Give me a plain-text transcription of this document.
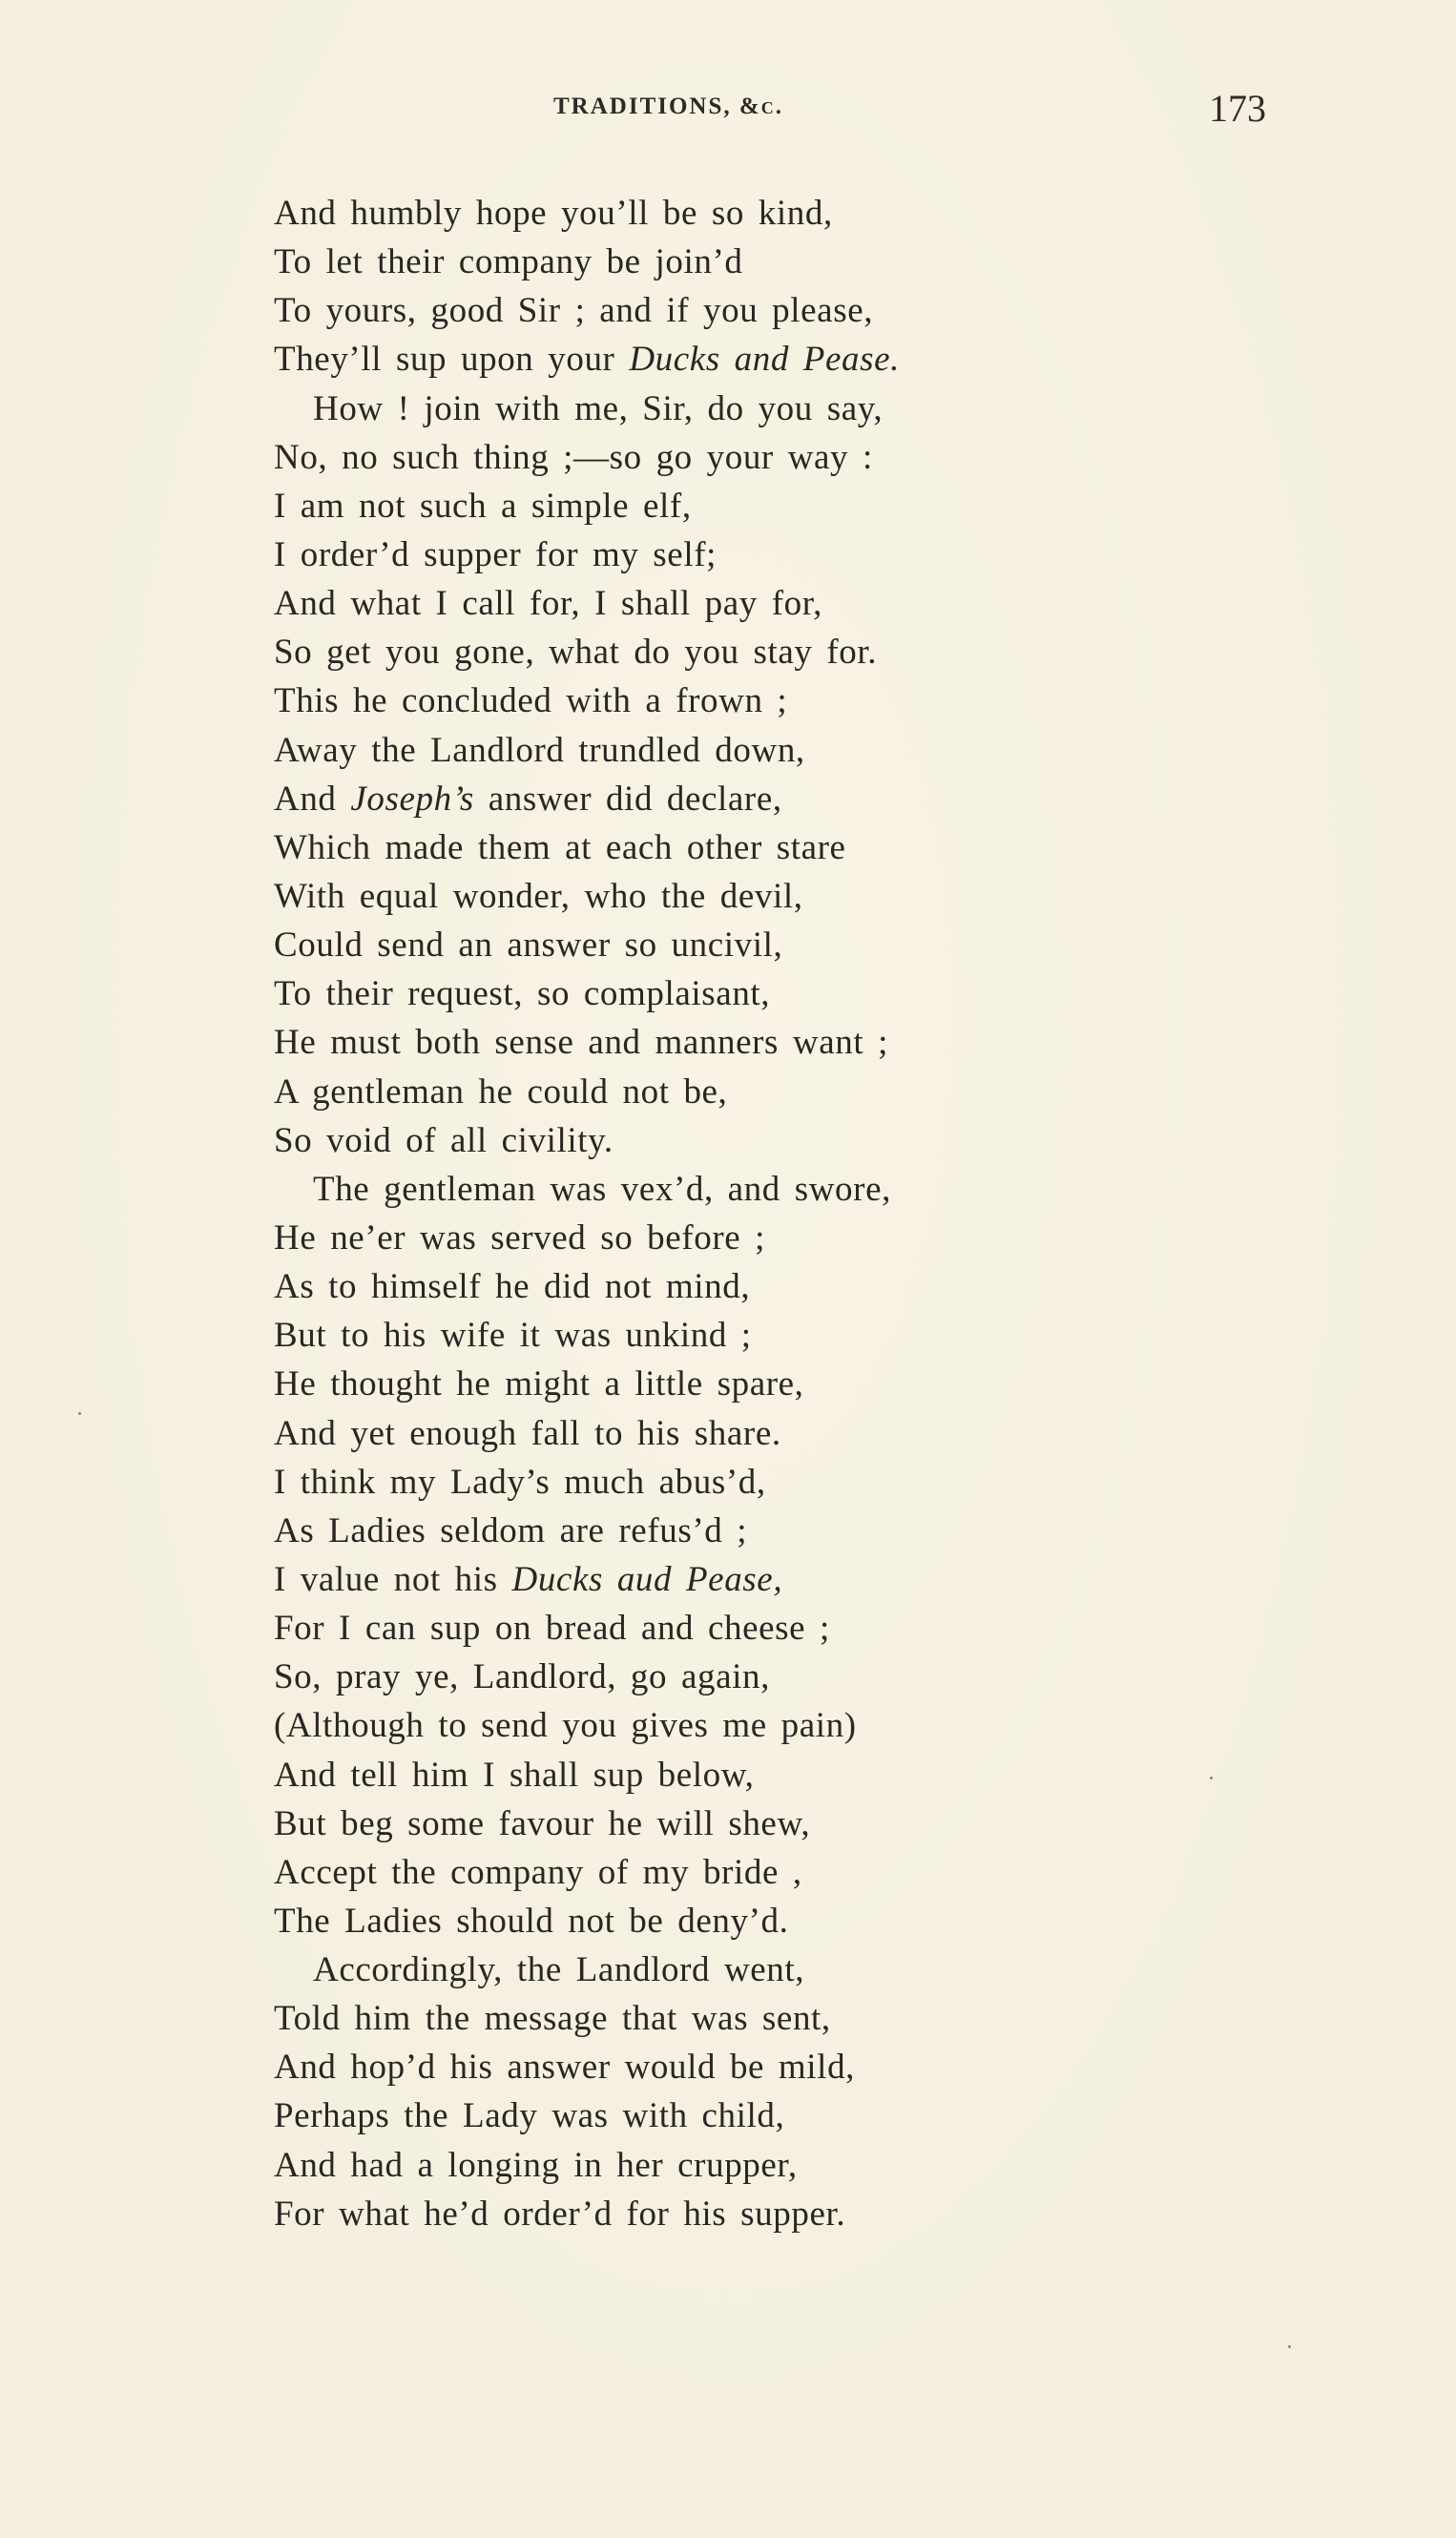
TRADITIONS, &c.	173
And humbly hope you’ll be so kind,
To let their company be join’d
To yours, good Sir ; and if you please,
They’ll sup upon your Ducks and Pease.
How ! join with me, Sir, do you say,
No, no such thing ;—so go your way :
I am not such a simple elf,
I order’d supper for my self;
And what I call for, I shall pay for,
So get you gone, what do you stay for.
This he concluded with a frown ;
Away the Landlord trundled down,
And Joseph’s answer did declare,
Which made them at each other stare
With equal wonder, who the devil,
Could send an answer so uncivil,
To their request, so complaisant,
He must both sense and manners want ;
A gentleman he could not be,
So void of all civility.
The gentleman was vex’d, and swore,
He ne’er was served so before ;
As to himself he did not mind,
But to his wife it was unkind ;
He thought he might a little spare,
And yet enough fall to his share.
I think my Lady’s much abus’d,
As Ladies seldom are refus’d ;
I value not his Ducks aud Pease,
For I can sup on bread and cheese ;
So, pray ye, Landlord, go again,
(Although to send you gives me pain)
And tell him I shall sup below,
But beg some favour he will shew,
Accept the company of my bride ,
The Ladies should not be deny’d.
Accordingly, the Landlord went,
Told him the message that was sent,
And hop’d his answer would be mild,
Perhaps the Lady was with child,
And had a longing in her crupper,
For what he’d order’d for his supper.
